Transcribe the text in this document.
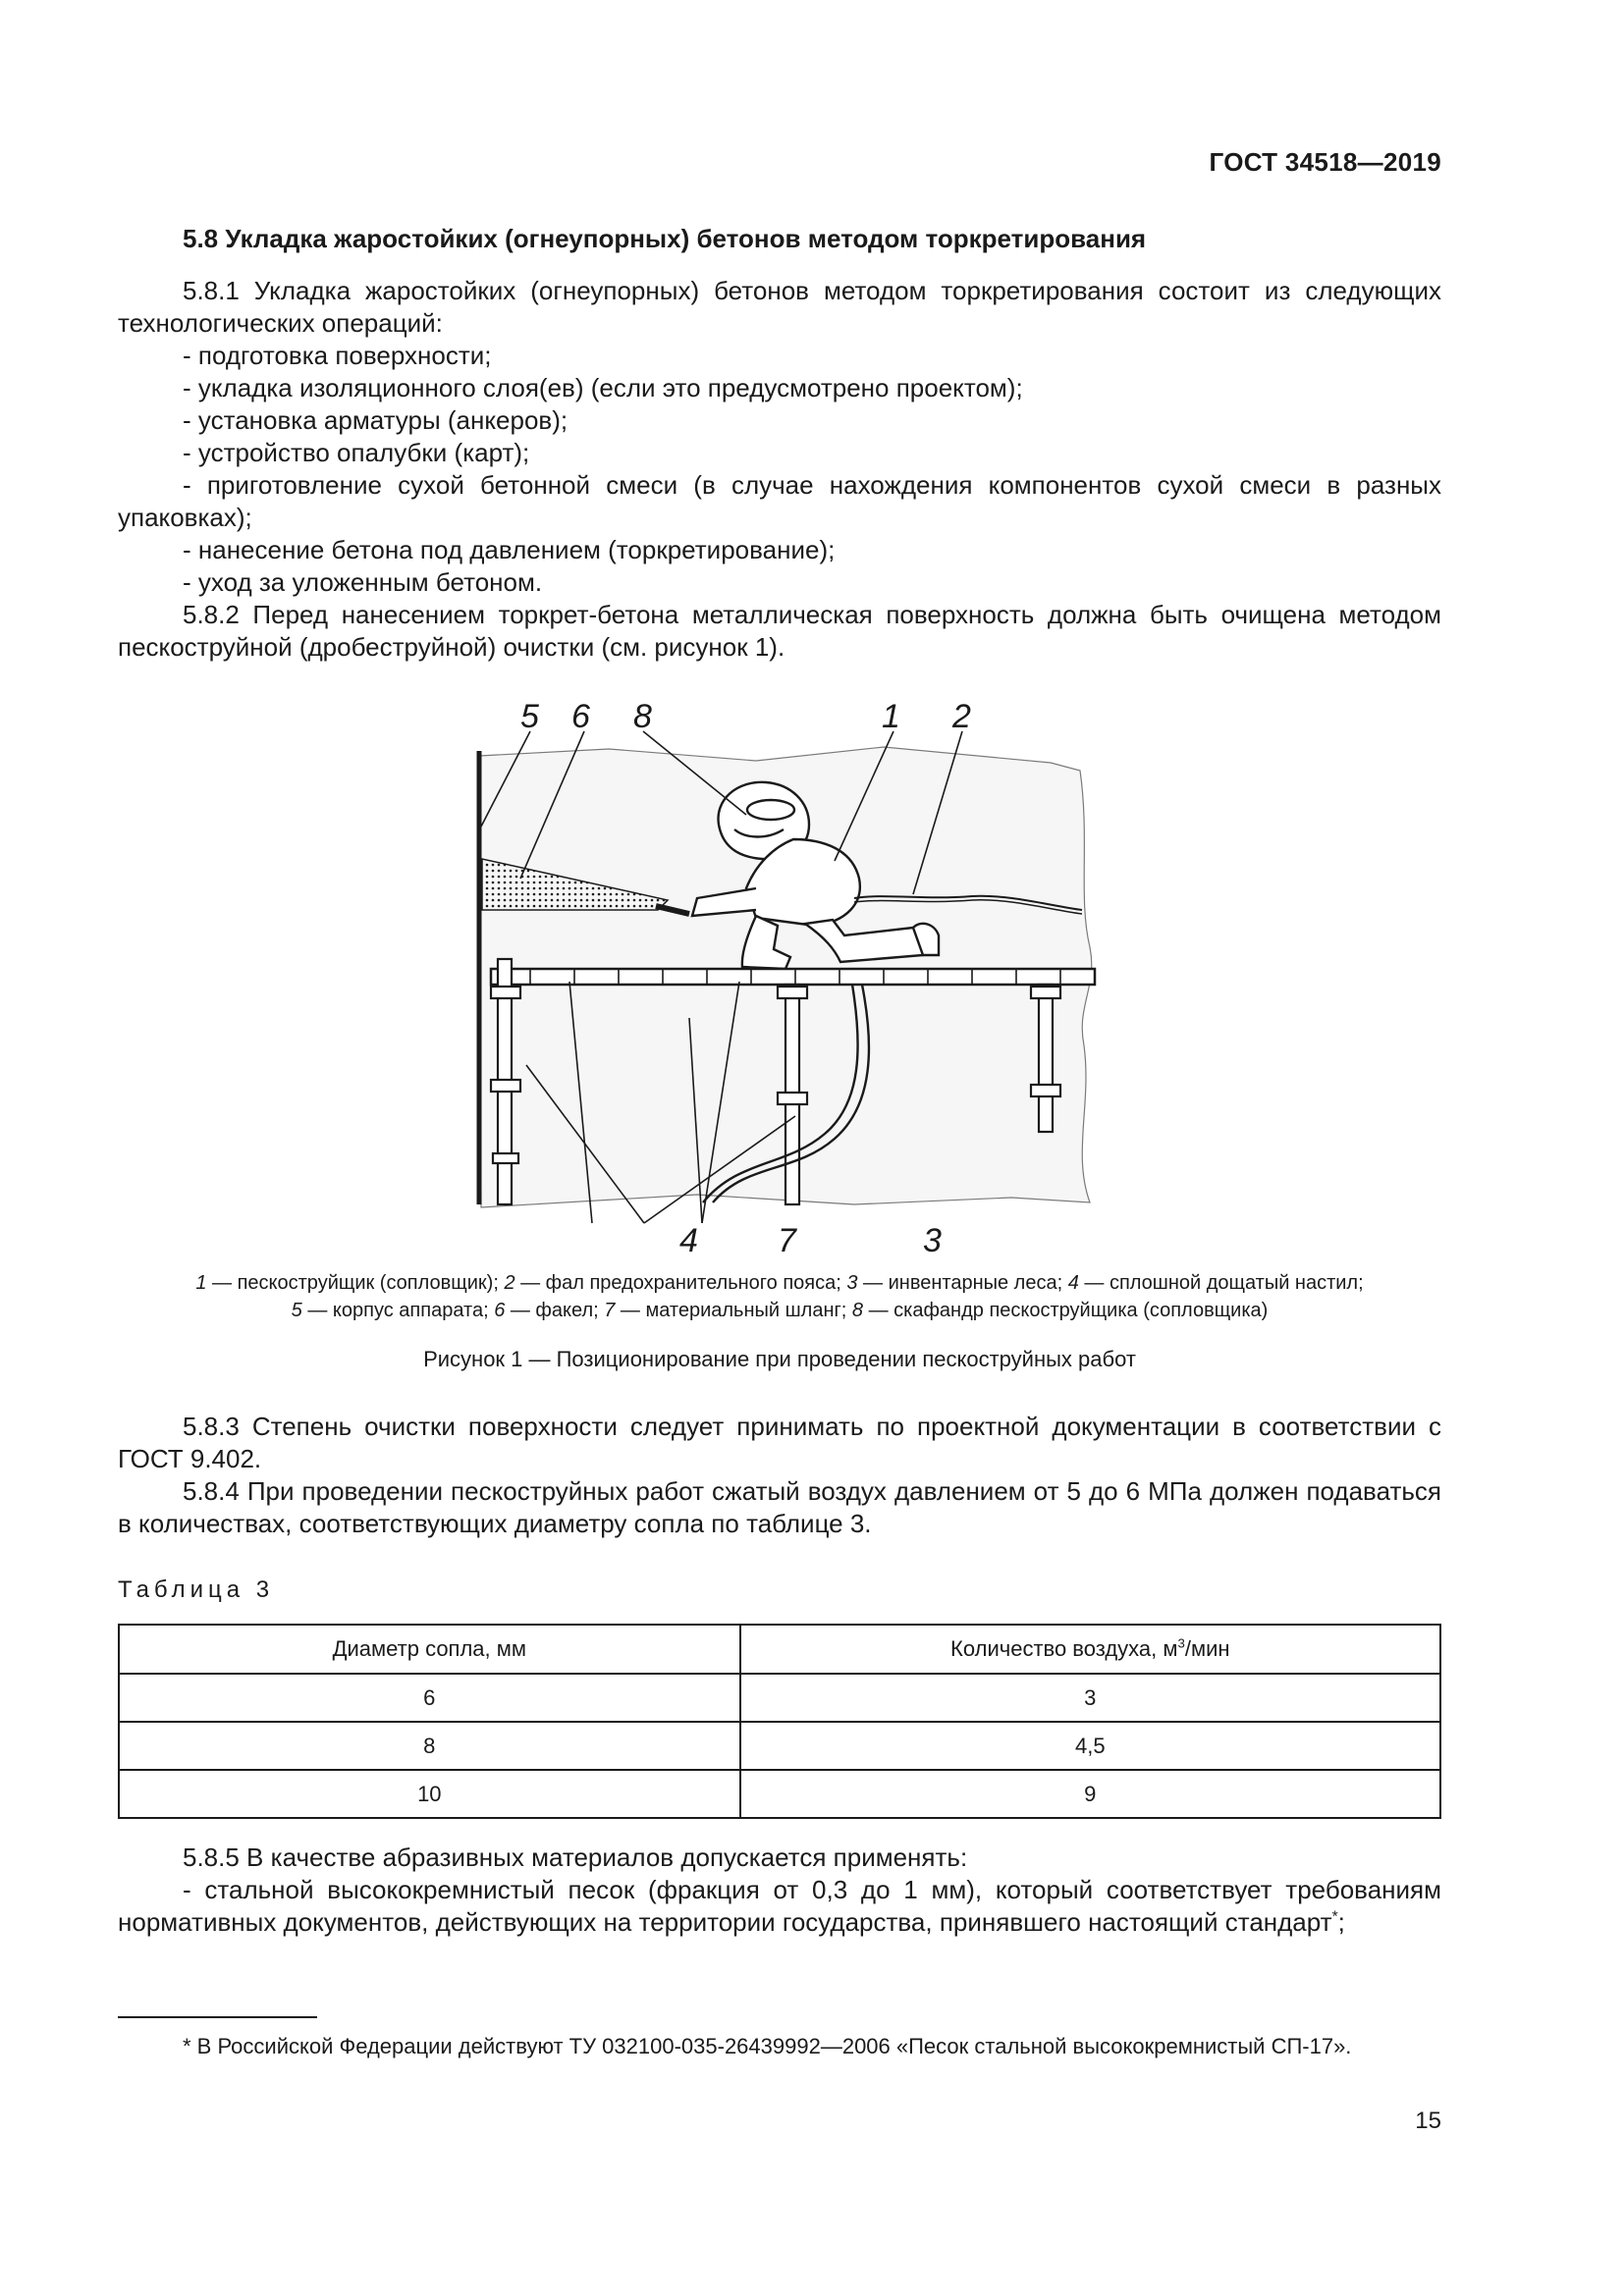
ГОСТ 34518—2019
5.8 Укладка жаростойких (огнеупорных) бетонов методом торкретирования

5.8.1 Укладка жаростойких (огнеупорных) бетонов методом торкретирования состоит из следующих технологических операций:

- подготовка поверхности;

- укладка изоляционного слоя(ев) (если это предусмотрено проектом);

- установка арматуры (анкеров);

- устройство опалубки (карт);

- приготовление сухой бетонной смеси (в случае нахождения компонентов сухой смеси в разных упаковках);

- нанесение бетона под давлением (торкретирование);

- уход за уложенным бетоном.

5.8.2 Перед нанесением торкрет-бетона металлическая поверхность должна быть очищена методом пескоструйной (дробеструйной) очистки (см. рисунок 1).

5 6 8	1 2
4 7	3
1 — пескоструйщик (сопловщик); 2 — фал предохранительного пояса; 3 — инвентарные леса; 4 — сплошной дощатый настил;
5 — корпус аппарата; 6 — факел; 7 — материальный шланг; 8 — скафандр пескоструйщика (сопловщика)
Рисунок 1 — Позиционирование при проведении пескоструйных работ

5.8.3 Степень очистки поверхности следует принимать по проектной документации в соответствии с ГОСТ 9.402.

5.8.4 При проведении пескоструйных работ сжатый воздух давлением от 5 до 6 МПа должен подаваться в количествах, соответствующих диаметру сопла по таблице 3.

Таблица 3
Диаметр сопла, мм	Количество воздуха, $м^3$/мин
6	3
8	4,5
10	9

5.8.5 В качестве абразивных материалов допускается применять:

- стальной высококремнистый песок (фракция от 0,3 до 1 мм), который соответствует требованиям нормативных документов, действующих на территории государства, принявшего настоящий стандарт*;

* В Российской Федерации действуют ТУ 032100-035-26439992—2006 «Песок стальной высококремнистый СП-17».
15
